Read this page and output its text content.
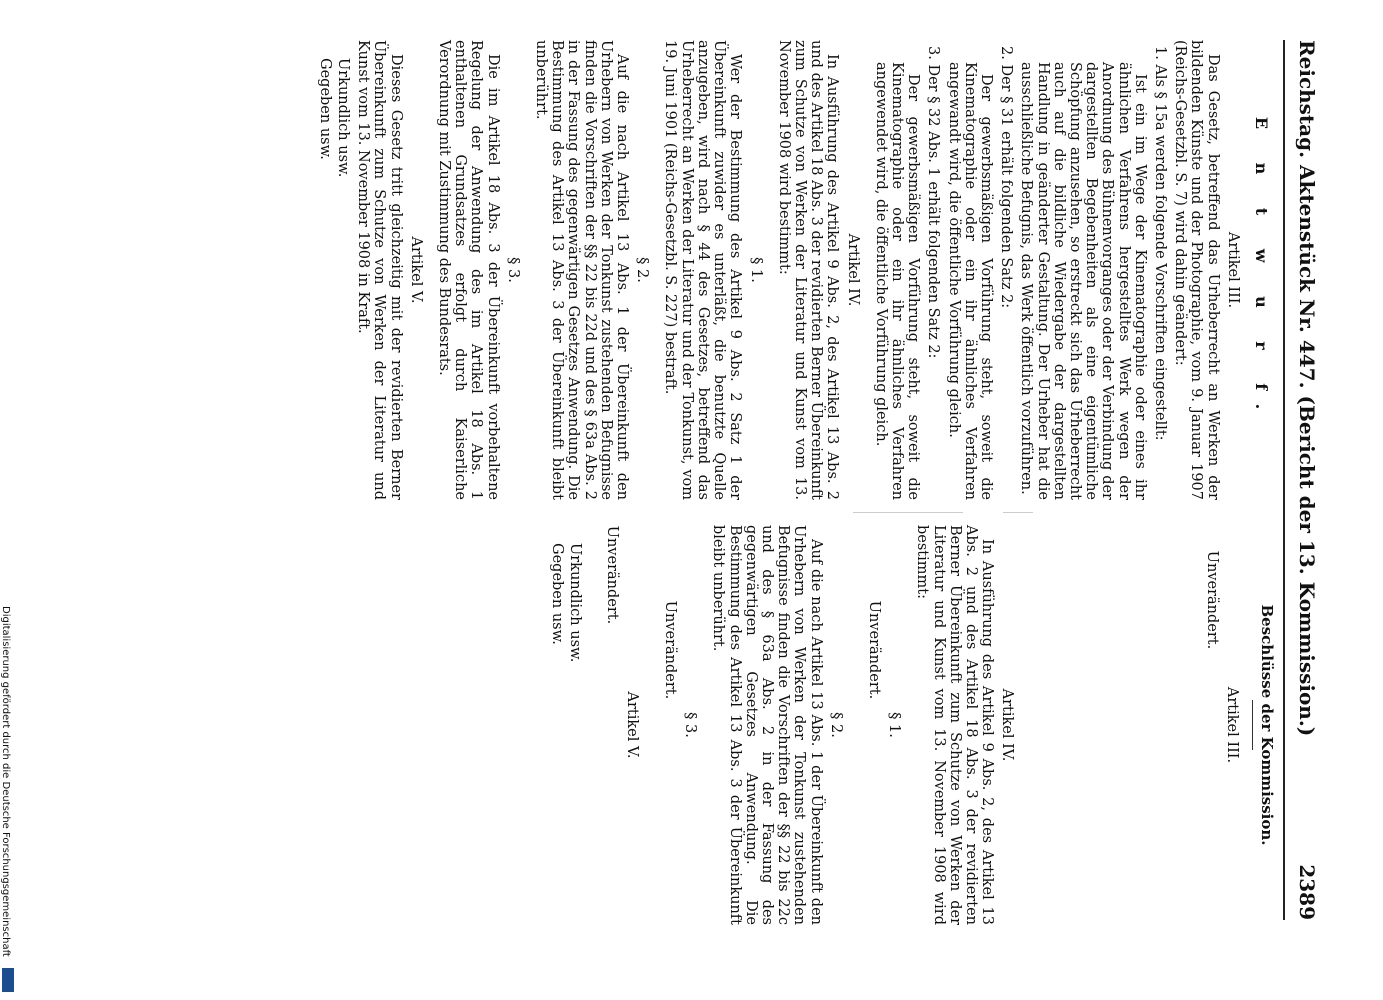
Reichstag. Aktenstück Nr. 447. (Bericht der 13. Kommission.)
2389
E n t w u r f.
Artikel III.

Das Gesetz, betreffend das Urheberrecht an Werken der bildenden Künste und der Photographie, vom 9. Januar 1907 (Reichs-Gesetzbl. S. 7) wird dahin geändert:

1. Als § 15a werden folgende Vorschriften eingestellt:

Ist ein im Wege der Kinematographie oder eines ihr ähnlichen Verfahrens hergestelltes Werk wegen der Anordnung des Bühnenvorganges oder der Verbindung der dargestellten Begebenheiten als eine eigentümliche Schöpfung anzusehen, so erstreckt sich das Urheberrecht auch auf die bildliche Wiedergabe der dargestellten Handlung in geänderter Gestaltung. Der Urheber hat die ausschließliche Befugnis, das Werk öffentlich vorzuführen.

2. Der § 31 erhält folgenden Satz 2:

Der gewerbsmäßigen Vorführung steht, soweit die Kinematographie oder ein ihr ähnliches Verfahren angewandt wird, die öffentliche Vorführung gleich.

3. Der § 32 Abs. 1 erhält folgenden Satz 2:

Der gewerbsmäßigen Vorführung steht, soweit die Kinematographie oder ein ihr ähnliches Verfahren angewendet wird, die öffentliche Vorführung gleich.

Artikel IV.

In Ausführung des Artikel 9 Abs. 2, des Artikel 13 Abs. 2 und des Artikel 18 Abs. 3 der revidierten Berner Übereinkunft zum Schutze von Werken der Literatur und Kunst vom 13. November 1908 wird bestimmt:

§ 1.

Wer der Bestimmung des Artikel 9 Abs. 2 Satz 1 der Übereinkunft zuwider es unterläßt, die benutzte Quelle anzugeben, wird nach § 44 des Gesetzes, betreffend das Urheberrecht an Werken der Literatur und der Tonkunst, vom 19. Juni 1901 (Reichs-Gesetzbl. S. 227) bestraft.

§ 2.

Auf die nach Artikel 13 Abs. 1 der Übereinkunft den Urhebern von Werken der Tonkunst zustehenden Befugnisse finden die Vorschriften der §§ 22 bis 22d und des § 63a Abs. 2 in der Fassung des gegenwärtigen Gesetzes Anwendung. Die Bestimmung des Artikel 13 Abs. 3 der Übereinkunft bleibt unberührt.

§ 3.

Die im Artikel 18 Abs. 3 der Übereinkunft vorbehaltene Regelung der Anwendung des im Artikel 18 Abs. 1 enthaltenen Grundsatzes erfolgt durch Kaiserliche Verordnung mit Zustimmung des Bundesrats.

Artikel V.

Dieses Gesetz tritt gleichzeitig mit der revidierten Berner Übereinkunft zum Schutze von Werken der Literatur und Kunst vom 13. November 1908 in Kraft.

Urkundlich usw.
Gegeben usw.
Beschlüsse der Kommission.
Artikel III.
Unverändert.
Artikel IV.

In Ausführung des Artikel 9 Abs. 2, des Artikel 13 Abs. 2 und des Artikel 18 Abs. 3 der revidierten Berner Übereinkunft zum Schutze von Werken der Literatur und Kunst vom 13. November 1908 wird bestimmt:

§ 1.
Unverändert.
§ 2.

Auf die nach Artikel 13 Abs. 1 der Übereinkunft den Urhebern von Werken der Tonkunst zustehenden Befugnisse finden die Vorschriften der §§ 22 bis 22c und des § 63a Abs. 2 in der Fassung des gegenwärtigen Gesetzes Anwendung. Die Bestimmung des Artikel 13 Abs. 3 der Übereinkunft bleibt unberührt.

§ 3.
Unverändert.
Artikel V.
Unverändert.
Urkundlich usw.
Gegeben usw.
Digitalisierung gefördert durch die Deutsche Forschungsgemeinschaft
